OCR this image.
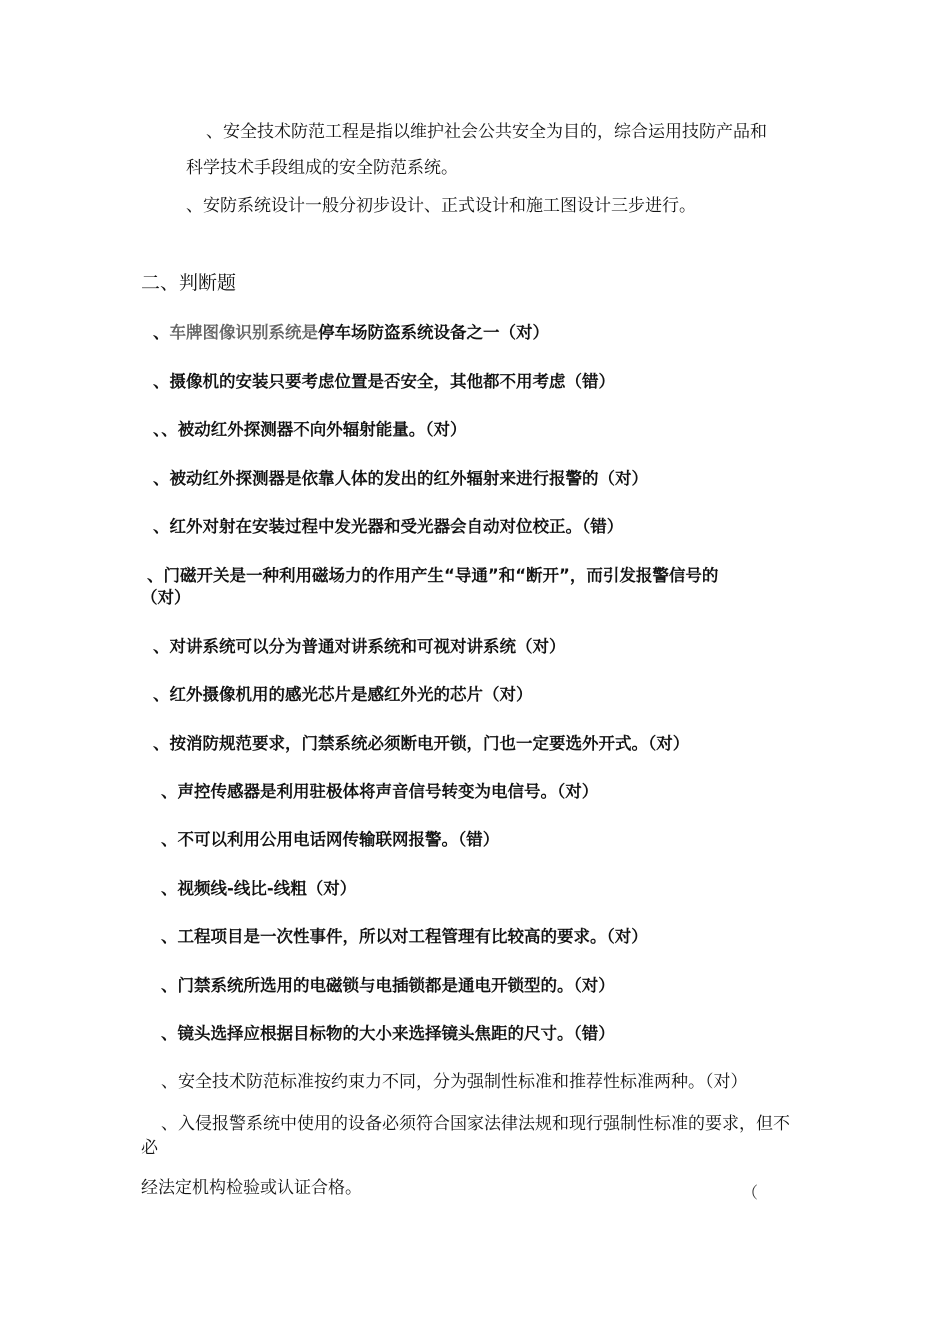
、安全技术防范工程是指以维护社会公共安全为目的，综合运用技防产品和
科学技术手段组成的安全防范系统。
、安防系统设计一般分初步设计、正式设计和施工图设计三步进行。
二、判断题
、车牌图像识别系统是停车场防盗系统设备之一（对）
、摄像机的安装只要考虑位置是否安全，其他都不用考虑（错）
、、被动红外探测器不向外辐射能量。（对）
、被动红外探测器是依靠人体的发出的红外辐射来进行报警的（对）
、红外对射在安装过程中发光器和受光器会自动对位校正。（错）
、门磁开关是一种利用磁场力的作用产生“导通”和“断开”，而引发报警信号的
（对）
、对讲系统可以分为普通对讲系统和可视对讲系统（对）
、红外摄像机用的感光芯片是感红外光的芯片（对）
、按消防规范要求，门禁系统必须断电开锁，门也一定要选外开式。（对）
、声控传感器是利用驻极体将声音信号转变为电信号。（对）
、不可以利用公用电话网传输联网报警。（错）
、视频线-线比-线粗（对）
、工程项目是一次性事件，所以对工程管理有比较高的要求。（对）
、门禁系统所选用的电磁锁与电插锁都是通电开锁型的。（对）
、镜头选择应根据目标物的大小来选择镜头焦距的尺寸。（错）
、安全技术防范标准按约束力不同，分为强制性标准和推荐性标准两种。（对）
、入侵报警系统中使用的设备必须符合国家法律法规和现行强制性标准的要求，但不
必
经法定机构检验或认证合格。	（
